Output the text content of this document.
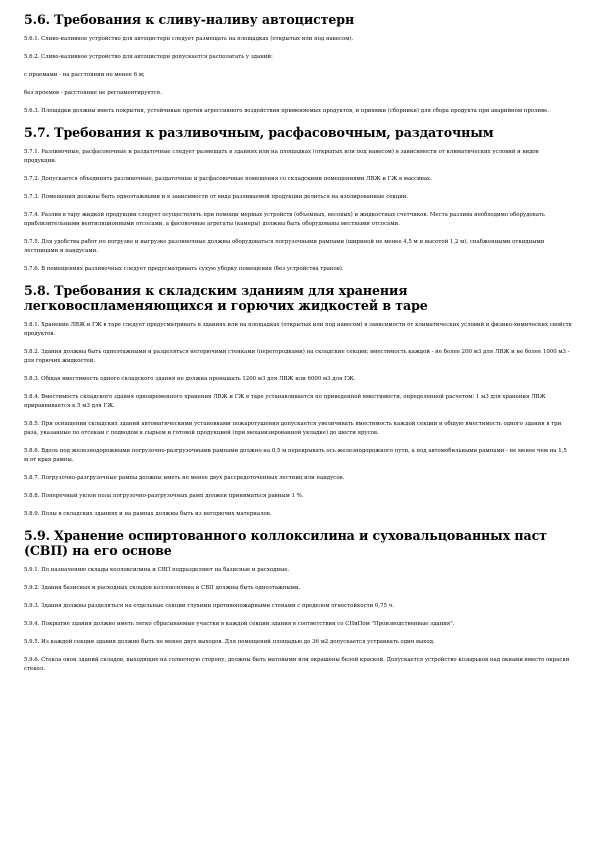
5.6. Требования к сливу-наливу автоцистерн

5.6.1. Сливо-наливное устройство для автоцистерн следует размещать на площадках (открытых или под навесом).

5.6.2. Сливо-наливное устройство для автоцистерн допускается располагать у зданий:

с проемами - на расстоянии не менее 6 м;

без проемов - расстояние не регламентируется.

5.6.3. Площадки должны иметь покрытия, устойчивые против агрессивного воздействия применяемых продуктов, и приямки (сборники) для сбора продукта при аварийном проливе.

5.7. Требования к разливочным, расфасовочным, раздаточным

5.7.1. Разливочные, расфасовочные и раздаточные следует размещать в зданиях или на площадках (открытых или под навесом) в зависимости от климатических условий и видов продукции.

5.7.2. Допускается объединять разливочные, раздаточные и расфасовочные помещения со складскими помещениями ЛВЖ и ГЖ в массивах.

5.7.3. Помещения должны быть одноэтажными и в зависимости от вида разливаемой продукции делиться на изолированные секции.

5.7.4. Разлив в тару жидкой продукции следует осуществлять при помощи мерных устройств (объемных, весовых) и жидкостных счетчиков. Места разлива необходимо оборудовать приблизительными вентиляционными отсосами, а фасовочные агрегаты (камеры) должны быть оборудованы местными отсосами.

5.7.5. Для удобства работ по погрузке и выгрузке разливочные должны оборудоваться погрузочными рампами (шириной не менее 4,5 м и высотой 1,2 м), снабженными откидными лестницами и пандусами.

5.7.6. В помещениях разливочных следует предусматривать сухую уборку помещения (без устройства трапов).

5.8. Требования к складским зданиям для хранения легковоспламеняющихся и горючих жидкостей в таре

5.8.1. Хранение ЛВЖ и ГЖ в таре следует предусматривать в зданиях или на площадках (открытых или под навесом) в зависимости от климатических условий и физико-химических свойств продуктов.

5.8.2. Здания должны быть одноэтажными и разделяться негорючими стенками (перегородками) на складские секции; вместимость каждой - не более 200 м3 для ЛВЖ и не более 1000 м3 - для горючих жидкостей.

5.8.3. Общая вместимость одного складского здания не должна превышать 1200 м3 для ЛВЖ или 6000 м3 для ГЖ.

5.8.4. Вместимость складского здания одновременного хранения ЛВЖ и ГЖ в таре устанавливается по приведенной вместимости, определенной расчетом: 1 м3 для хранения ЛВЖ приравнивается к 5 м3 для ГЖ.

5.8.5. При оснащении складских зданий автоматическими установками пожаротушения допускается увеличивать вместимость каждой секции и общую вместимость одного здания в три раза, указанные по отсекам с подводом к сырьем и готовой продукцией (при механизированной укладке) до шести ярусов.

5.8.6. Вдоль под железнодорожными погрузочно-разгрузочными рампами должно на 0,5 м перекрывать ось железнодорожного пути, а под автомобильными рампами - не менее чем на 1,5 м от края рампы.

5.8.7. Погрузочно-разгрузочные рампы должны иметь не менее двух рассредоточенных лестниц или пандусов.

5.8.8. Поперечный уклон пола погрузочно-разгрузочных рамп должен приниматься равным 1 %.

5.8.9. Полы в складских зданиях и на рампах должны быть из негорючих материалов.

5.9. Хранение оспиртованного коллоксилина и суховальцованных паст (СВП) на его основе

5.9.1. По назначению склады коллоксилина и СВП подразделяют на базисные и расходные.

5.9.2. Здания базисных и расходных складов коллоксилина и СВП должны быть одноэтажными.

5.9.3. Здания должны разделяться на отдельные секции глухими противопожарными стенами с пределом огнестойкости 0,75 ч.

5.9.4. Покрытие здания должно иметь легко сбрасываемые участки в каждой секции здания в соответствии со СНиПом "Производственные здания".

5.9.5. Из каждой секции здания должно быть не менее двух выходов. Для помещений площадью до 36 м2 допускается устраивать один выход.

5.9.6. Стекла окон зданий складов, выходящих на солнечную сторону, должны быть матовыми или окрашены белой краской. Допускается устройство козырьков над окнами вместо окраски стекол.
